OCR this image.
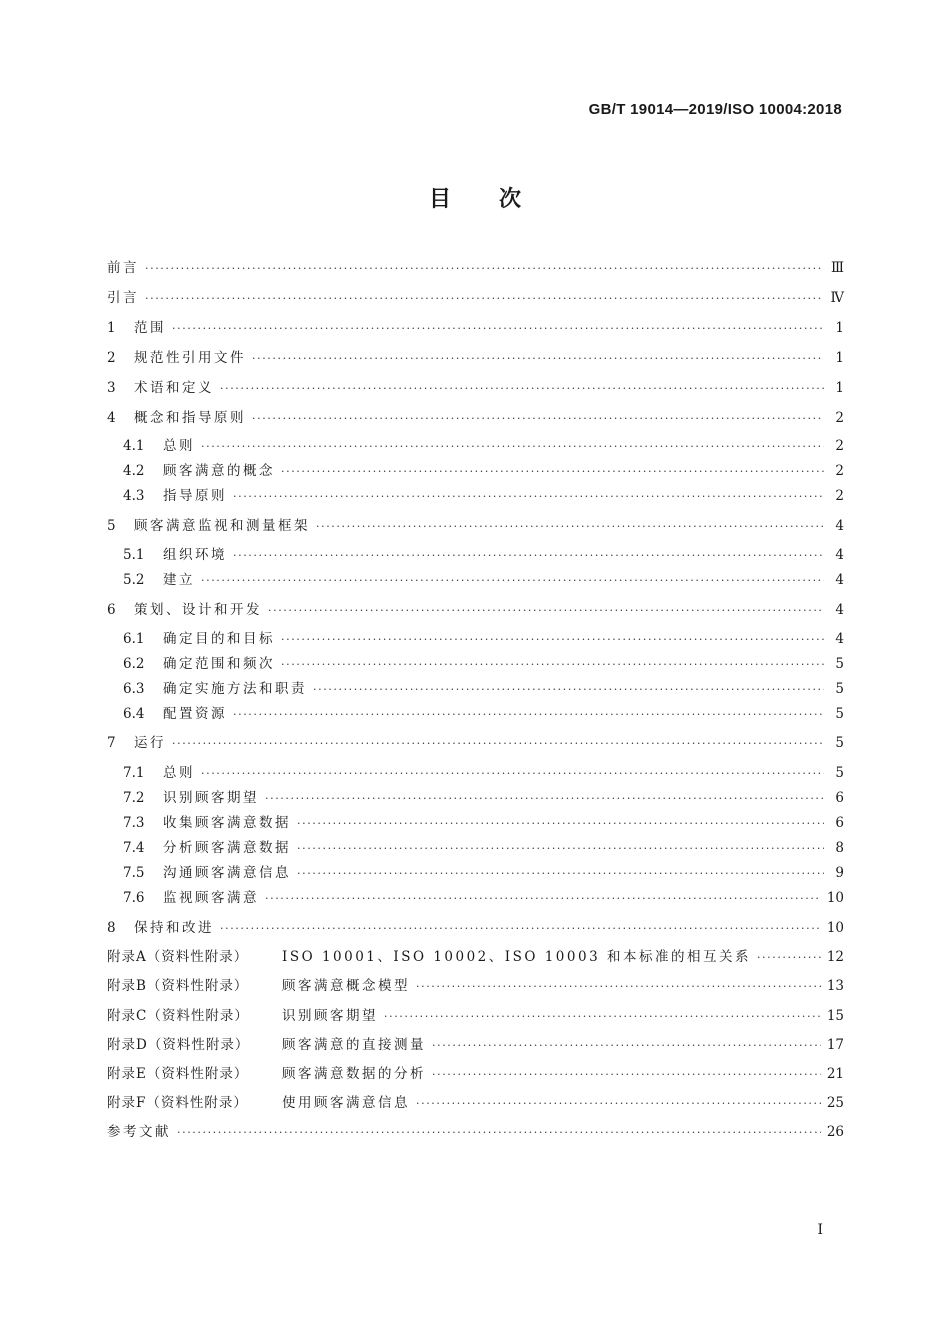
GB/T 19014—2019/ISO 10004:2018
目 次
前言 ·····	Ⅲ
引言 ·····	Ⅳ
1	范围 ·····	1
2	规范性引用文件 ·····	1
3	术语和定义 ·····	1
4	概念和指导原则 ·····	2
4.1	总则 ·····	2
4.2	顾客满意的概念 ·····	2
4.3	指导原则 ·····	2
5	顾客满意监视和测量框架 ·····	4
5.1	组织环境 ·····	4
5.2	建立 ·····	4
6	策划、设计和开发 ·····	4
6.1	确定目的和目标 ·····	4
6.2	确定范围和频次 ·····	5
6.3	确定实施方法和职责 ·····	5
6.4	配置资源 ·····	5
7	运行 ·····	5
7.1	总则 ·····	5
7.2	识别顾客期望 ·····	6
7.3	收集顾客满意数据 ·····	6
7.4	分析顾客满意数据 ·····	8
7.5	沟通顾客满意信息 ·····	9
7.6	监视顾客满意 ·····	10
8	保持和改进 ·····	10
附录A（资料性附录）	ISO 10001、ISO 10002、ISO 10003 和本标准的相互关系 ·····	12
附录B（资料性附录）	顾客满意概念模型 ·····	13
附录C（资料性附录）	识别顾客期望 ·····	15
附录D（资料性附录）	顾客满意的直接测量 ·····	17
附录E（资料性附录）	顾客满意数据的分析 ·····	21
附录F（资料性附录）	使用顾客满意信息 ·····	25
参考文献 ·····	26
Ⅰ
